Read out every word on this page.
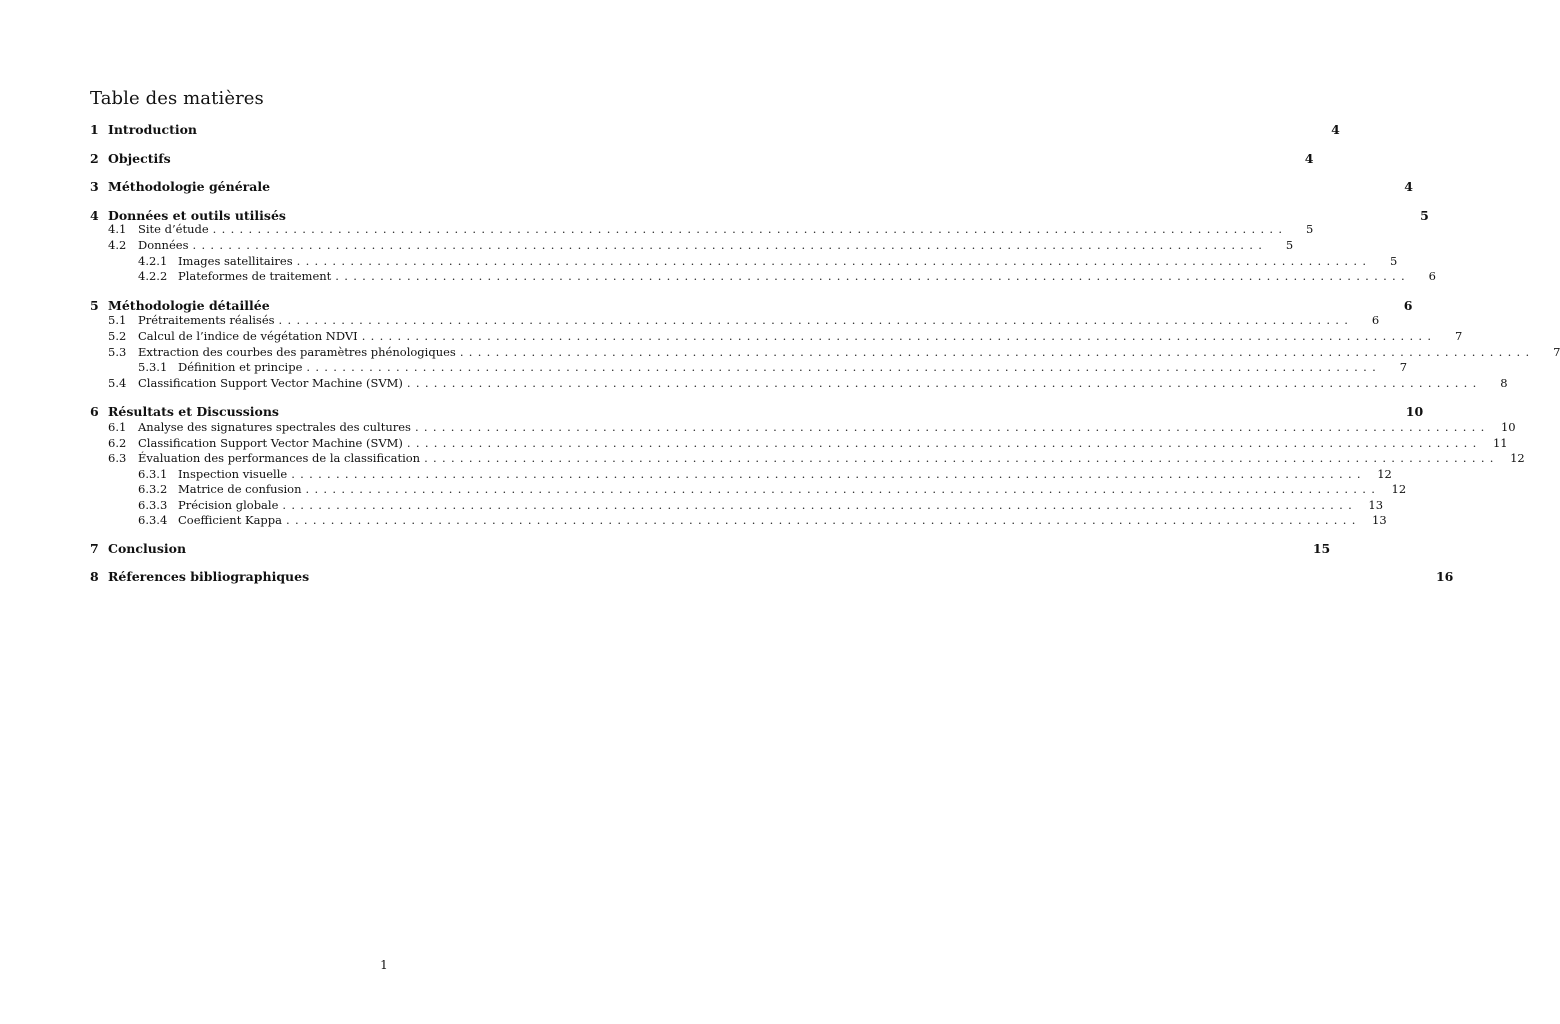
Table des matières
1 Introduction	4
2 Objectifs	4
3 Méthodologie générale	4
4 Données et outils utilisés	5
4.1	Site d’étude ........................................................................................................................	5
4.2	Données ........................................................................................................................	5
4.2.1 Images satellitaires ........................................................................................................................	5
4.2.2 Plateformes de traitement ........................................................................................................................	6
5 Méthodologie détaillée	6
5.1	Prétraitements réalisés ........................................................................................................................	6
5.2	Calcul de l’indice de végétation NDVI ........................................................................................................................	7
5.3	Extraction des courbes des paramètres phénologiques ........................................................................................................................	7
5.3.1 Définition et principe ........................................................................................................................	7
5.4	Classification Support Vector Machine (SVM) ........................................................................................................................	8
6 Résultats et Discussions	10
6.1	Analyse des signatures spectrales des cultures ........................................................................................................................ 10
6.2	Classification Support Vector Machine (SVM) ........................................................................................................................ 11
6.3	Évaluation des performances de la classification ........................................................................................................................ 12
6.3.1 Inspection visuelle ........................................................................................................................ 12
6.3.2 Matrice de confusion ........................................................................................................................ 12
6.3.3 Précision globale ........................................................................................................................ 13
6.3.4 Coefficient Kappa ........................................................................................................................ 13
7 Conclusion	15
8 Réferences bibliographiques	16
1
